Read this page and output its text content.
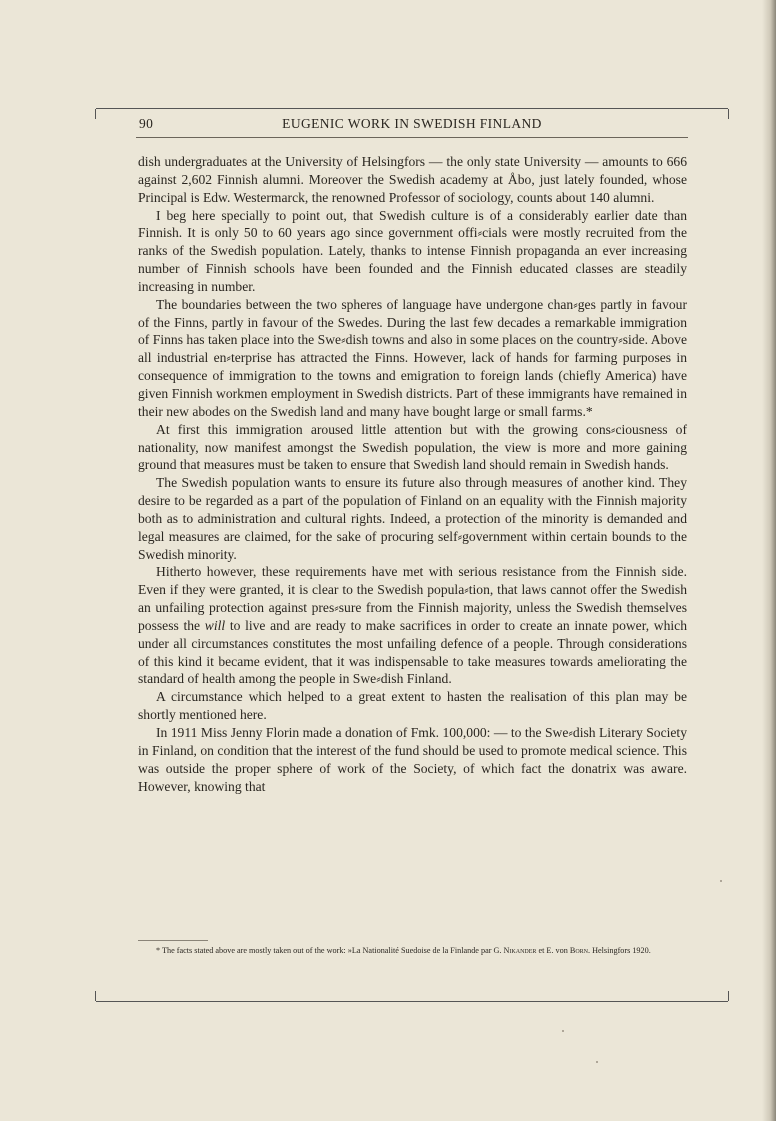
90	EUGENIC WORK IN SWEDISH FINLAND

dish undergraduates at the University of Helsingfors — the only state University — amounts to 666 against 2,602 Finnish alumni. Moreover the Swedish academy at Åbo, just lately founded, whose Principal is Edw. Westermarck, the renowned Professor of sociology, counts about 140 alumni.

I beg here specially to point out, that Swedish culture is of a considerably earlier date than Finnish. It is only 50 to 60 years ago since government offi⸗cials were mostly recruited from the ranks of the Swedish population. Lately, thanks to intense Finnish propaganda an ever increasing number of Finnish schools have been founded and the Finnish educated classes are steadily increasing in number.

The boundaries between the two spheres of language have undergone chan⸗ges partly in favour of the Finns, partly in favour of the Swedes. During the last few decades a remarkable immigration of Finns has taken place into the Swe⸗dish towns and also in some places on the country⸗side. Above all industrial en⸗terprise has attracted the Finns. However, lack of hands for farming purposes in consequence of immigration to the towns and emigration to foreign lands (chiefly America) have given Finnish workmen employment in Swedish districts. Part of these immigrants have remained in their new abodes on the Swedish land and many have bought large or small farms.*

At first this immigration aroused little attention but with the growing cons⸗ciousness of nationality, now manifest amongst the Swedish population, the view is more and more gaining ground that measures must be taken to ensure that Swedish land should remain in Swedish hands.

The Swedish population wants to ensure its future also through measures of another kind. They desire to be regarded as a part of the population of Finland on an equality with the Finnish majority both as to administration and cultural rights. Indeed, a protection of the minority is demanded and legal measures are claimed, for the sake of procuring self⸗government within certain bounds to the Swedish minority.

Hitherto however, these requirements have met with serious resistance from the Finnish side. Even if they were granted, it is clear to the Swedish popula⸗tion, that laws cannot offer the Swedish an unfailing protection against pres⸗sure from the Finnish majority, unless the Swedish themselves possess the will to live and are ready to make sacrifices in order to create an innate power, which under all circumstances constitutes the most unfailing defence of a people. Through considerations of this kind it became evident, that it was indispensable to take measures towards ameliorating the standard of health among the people in Swe⸗dish Finland.

A circumstance which helped to a great extent to hasten the realisation of this plan may be shortly mentioned here.

In 1911 Miss Jenny Florin made a donation of Fmk. 100,000: — to the Swe⸗dish Literary Society in Finland, on condition that the interest of the fund should be used to promote medical science. This was outside the proper sphere of work of the Society, of which fact the donatrix was aware. However, knowing that

* The facts stated above are mostly taken out of the work: »La Nationalité Suedoise de la Finlande par G. Nikander et E. von Born. Helsingfors 1920.
